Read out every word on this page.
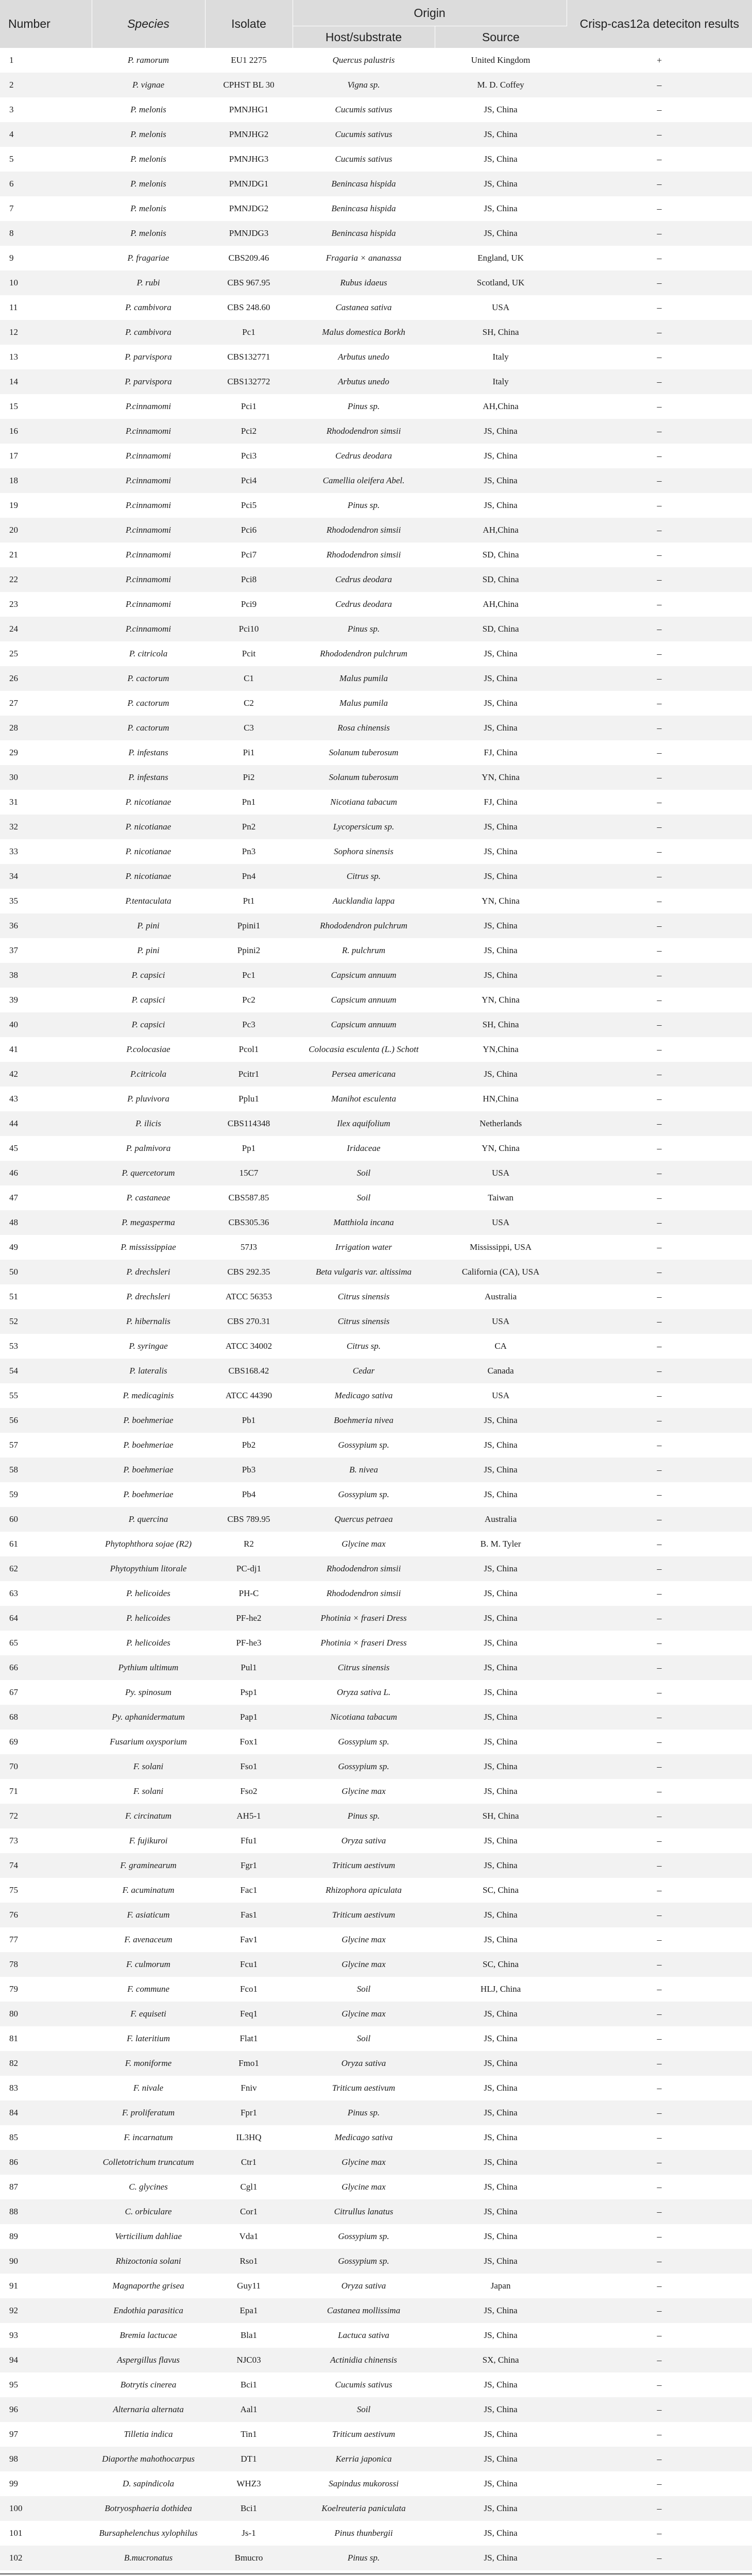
Number	Species	Isolate	Origin		Crisp-cas12a deteciton results
			Host/substrate	Source	
1	P. ramorum	EU1 2275	Quercus palustris	United Kingdom	+
2	P. vignae	CPHST BL 30	Vigna sp.	M. D. Coffey	–
3	P. melonis	PMNJHG1	Cucumis sativus	JS, China	–
4	P. melonis	PMNJHG2	Cucumis sativus	JS, China	–
5	P. melonis	PMNJHG3	Cucumis sativus	JS, China	–
6	P. melonis	PMNJDG1	Benincasa hispida	JS, China	–
7	P. melonis	PMNJDG2	Benincasa hispida	JS, China	–
8	P. melonis	PMNJDG3	Benincasa hispida	JS, China	–
9	P. fragariae	CBS209.46	Fragaria × ananassa	England, UK	–
10	P. rubi	CBS 967.95	Rubus idaeus	Scotland, UK	–
11	P. cambivora	CBS 248.60	Castanea sativa	USA	–
12	P. cambivora	Pc1	Malus domestica Borkh	SH, China	–
13	P. parvispora	CBS132771	Arbutus unedo	Italy	–
14	P. parvispora	CBS132772	Arbutus unedo	Italy	–
15	P.cinnamomi	Pci1	Pinus sp.	AH,China	–
16	P.cinnamomi	Pci2	Rhododendron simsii	JS, China	–
17	P.cinnamomi	Pci3	Cedrus deodara	JS, China	–
18	P.cinnamomi	Pci4	Camellia oleifera Abel.	JS, China	–
19	P.cinnamomi	Pci5	Pinus sp.	JS, China	–
20	P.cinnamomi	Pci6	Rhododendron simsii	AH,China	–
21	P.cinnamomi	Pci7	Rhododendron simsii	SD, China	–
22	P.cinnamomi	Pci8	Cedrus deodara	SD, China	–
23	P.cinnamomi	Pci9	Cedrus deodara	AH,China	–
24	P.cinnamomi	Pci10	Pinus sp.	SD, China	–
25	P. citricola	Pcit	Rhododendron pulchrum	JS, China	–
26	P. cactorum	C1	Malus pumila	JS, China	–
27	P. cactorum	C2	Malus pumila	JS, China	–
28	P. cactorum	C3	Rosa chinensis	JS, China	–
29	P. infestans	Pi1	Solanum tuberosum	FJ, China	–
30	P. infestans	Pi2	Solanum tuberosum	YN, China	–
31	P. nicotianae	Pn1	Nicotiana tabacum	FJ, China	–
32	P. nicotianae	Pn2	Lycopersicum sp.	JS, China	–
33	P. nicotianae	Pn3	Sophora sinensis	JS, China	–
34	P. nicotianae	Pn4	Citrus sp.	JS, China	–
35	P.tentaculata	Pt1	Aucklandia lappa	YN, China	–
36	P. pini	Ppini1	Rhododendron pulchrum	JS, China	–
37	P. pini	Ppini2	R. pulchrum	JS, China	–
38	P. capsici	Pc1	Capsicum annuum	JS, China	–
39	P. capsici	Pc2	Capsicum annuum	YN, China	–
40	P. capsici	Pc3	Capsicum annuum	SH, China	–
41	P.colocasiae	Pcol1	Colocasia esculenta (L.) Schott	YN,China	–
42	P.citricola	Pcitr1	Persea americana	JS, China	–
43	P. pluvivora	Pplu1	Manihot esculenta	HN,China	–
44	P. ilicis	CBS114348	Ilex aquifolium	Netherlands	–
45	P. palmivora	Pp1	Iridaceae	YN, China	–
46	P. quercetorum	15C7	Soil	USA	–
47	P. castaneae	CBS587.85	Soil	Taiwan	–
48	P. megasperma	CBS305.36	Matthiola incana	USA	–
49	P. mississippiae	57J3	Irrigation water	Mississippi, USA	–
50	P. drechsleri	CBS 292.35	Beta vulgaris var. altissima	California (CA), USA	–
51	P. drechsleri	ATCC 56353	Citrus sinensis	Australia	–
52	P. hibernalis	CBS 270.31	Citrus sinensis	USA	–
53	P. syringae	ATCC 34002	Citrus sp.	CA	–
54	P. lateralis	CBS168.42	Cedar	Canada	–
55	P. medicaginis	ATCC 44390	Medicago sativa	USA	–
56	P. boehmeriae	Pb1	Boehmeria nivea	JS, China	–
57	P. boehmeriae	Pb2	Gossypium sp.	JS, China	–
58	P. boehmeriae	Pb3	B. nivea	JS, China	–
59	P. boehmeriae	Pb4	Gossypium sp.	JS, China	–
60	P. quercina	CBS 789.95	Quercus petraea	Australia	–
61	Phytophthora sojae (R2)	R2	Glycine max	B. M. Tyler	–
62	Phytopythium litorale	PC-dj1	Rhododendron simsii	JS, China	–
63	P. helicoides	PH-C	Rhododendron simsii	JS, China	–
64	P. helicoides	PF-he2	Photinia × fraseri Dress	JS, China	–
65	P. helicoides	PF-he3	Photinia × fraseri Dress	JS, China	–
66	Pythium ultimum	Pul1	Citrus sinensis	JS, China	–
67	Py. spinosum	Psp1	Oryza sativa L.	JS, China	–
68	Py. aphanidermatum	Pap1	Nicotiana tabacum	JS, China	–
69	Fusarium oxysporium	Fox1	Gossypium sp.	JS, China	–
70	F. solani	Fso1	Gossypium sp.	JS, China	–
71	F. solani	Fso2	Glycine max	JS, China	–
72	F. circinatum	AH5-1	Pinus sp.	SH, China	–
73	F. fujikuroi	Ffu1	Oryza sativa	JS, China	–
74	F. graminearum	Fgr1	Triticum aestivum	JS, China	–
75	F. acuminatum	Fac1	Rhizophora apiculata	SC, China	–
76	F. asiaticum	Fas1	Triticum aestivum	JS, China	–
77	F. avenaceum	Fav1	Glycine max	JS, China	–
78	F. culmorum	Fcu1	Glycine max	SC, China	–
79	F. commune	Fco1	Soil	HLJ, China	–
80	F. equiseti	Feq1	Glycine max	JS, China	–
81	F. lateritium	Flat1	Soil	JS, China	–
82	F. moniforme	Fmo1	Oryza sativa	JS, China	–
83	F. nivale	Fniv	Triticum aestivum	JS, China	–
84	F. proliferatum	Fpr1	Pinus sp.	JS, China	–
85	F. incarnatum	IL3HQ	Medicago sativa	JS, China	–
86	Colletotrichum truncatum	Ctr1	Glycine max	JS, China	–
87	C. glycines	Cgl1	Glycine max	JS, China	–
88	C. orbiculare	Cor1	Citrullus lanatus	JS, China	–
89	Verticilium dahliae	Vda1	Gossypium sp.	JS, China	–
90	Rhizoctonia solani	Rso1	Gossypium sp.	JS, China	–
91	Magnaporthe grisea	Guy11	Oryza sativa	Japan	–
92	Endothia parasitica	Epa1	Castanea mollissima	JS, China	–
93	Bremia lactucae	Bla1	Lactuca sativa	JS, China	–
94	Aspergillus flavus	NJC03	Actinidia chinensis	SX, China	–
95	Botrytis cinerea	Bci1	Cucumis sativus	JS, China	–
96	Alternaria alternata	Aal1	Soil	JS, China	–
97	Tilletia indica	Tin1	Triticum aestivum	JS, China	–
98	Diaporthe mahothocarpus	DT1	Kerria japonica	JS, China	–
99	D. sapindicola	WHZ3	Sapindus mukorossi	JS, China	–
100	Botryosphaeria dothidea	Bci1	Koelreuteria paniculata	JS, China	–
101	Bursaphelenchus xylophilus	Js-1	Pinus thunbergii	JS, China	–
102	B.mucronatus	Bmucro	Pinus sp.	JS, China	–
